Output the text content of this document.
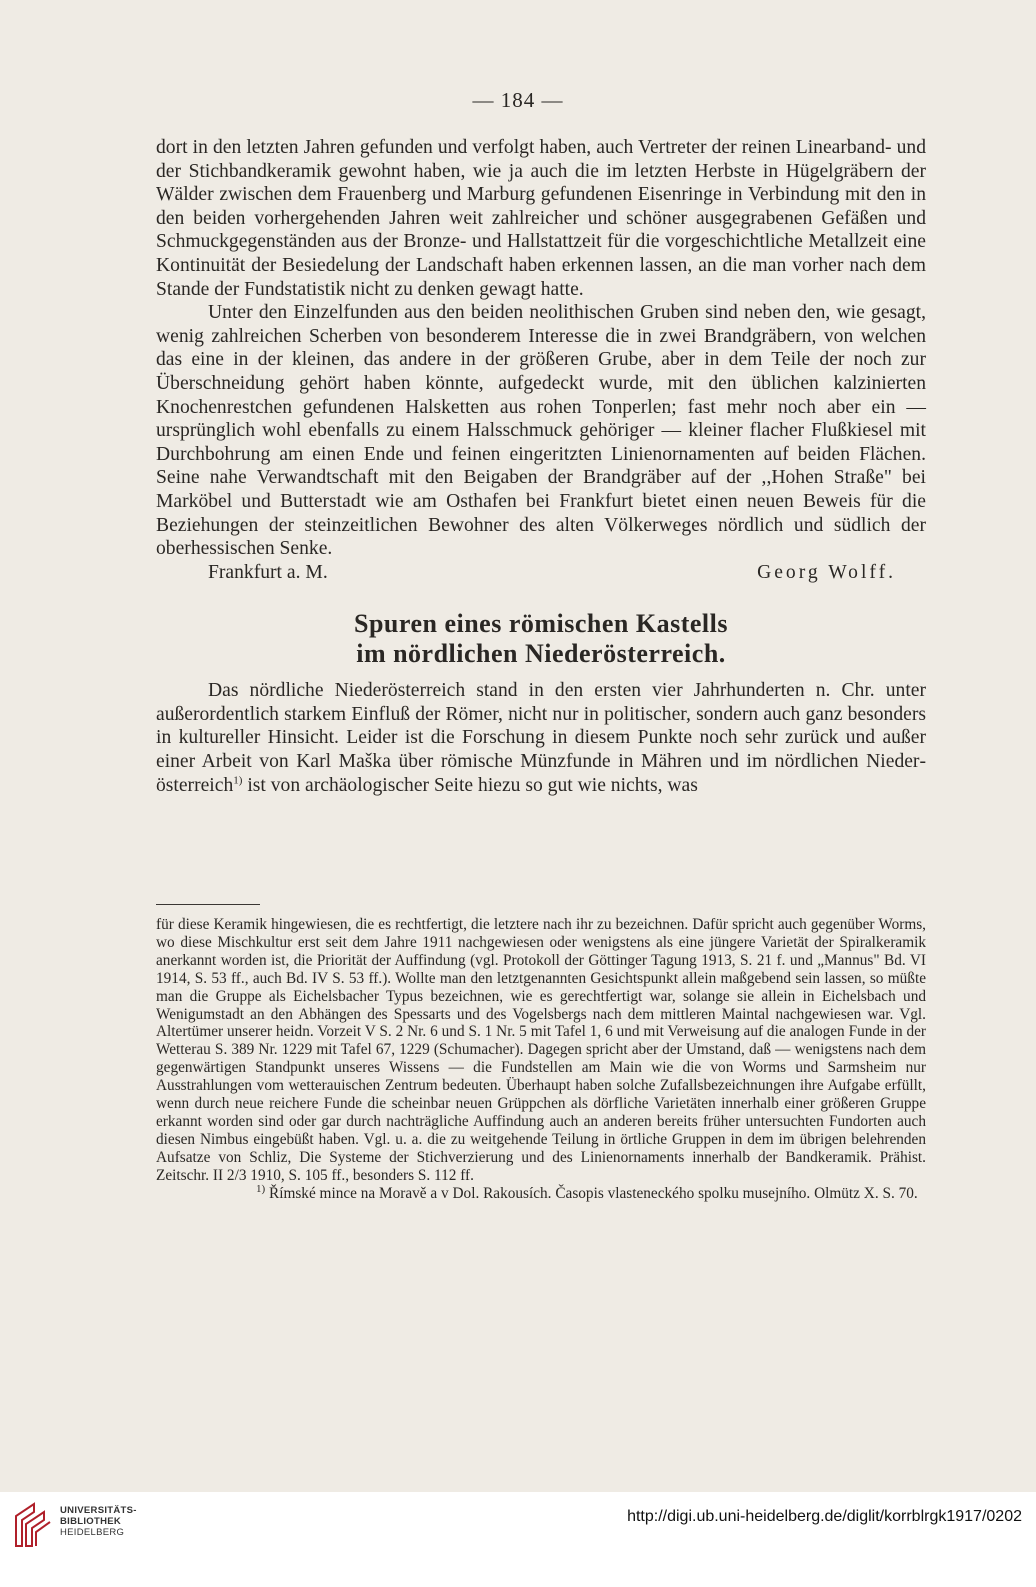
— 184 —

dort in den letzten Jahren gefunden und verfolgt haben, auch Vertreter der reinen Linearband- und der Stichbandkeramik gewohnt haben, wie ja auch die im letzten Herbste in Hügelgräbern der Wälder zwischen dem Frauenberg und Marburg gefundenen Eisenringe in Verbindung mit den in den beiden vorhergehenden Jahren weit zahlreicher und schöner ausgegrabenen Gefäßen und Schmuckgegenständen aus der Bronze- und Hallstattzeit für die vorgeschichtliche Metallzeit eine Kontinuität der Besiedelung der Landschaft haben erkennen lassen, an die man vorher nach dem Stande der Fundstatistik nicht zu denken gewagt hatte.

Unter den Einzelfunden aus den beiden neolithischen Gruben sind neben den, wie gesagt, wenig zahlreichen Scherben von besonderem Interesse die in zwei Brandgräbern, von welchen das eine in der kleinen, das andere in der größeren Grube, aber in dem Teile der noch zur Überschneidung gehört haben könnte, aufgedeckt wurde, mit den üblichen kalzinierten Knochenrestchen gefundenen Halsketten aus rohen Tonperlen; fast mehr noch aber ein — ursprünglich wohl ebenfalls zu einem Halsschmuck gehöriger — kleiner flacher Flußkiesel mit Durchbohrung am einen Ende und feinen eingeritzten Linienornamenten auf beiden Flächen. Seine nahe Verwandtschaft mit den Beigaben der Brandgräber auf der ,,Hohen Straße" bei Marköbel und Butterstadt wie am Osthafen bei Frankfurt bietet einen neuen Beweis für die Beziehungen der steinzeitlichen Bewohner des alten Völkerweges nördlich und südlich der oberhessischen Senke.

Frankfurt a. M.	Georg Wolff.
Spuren eines römischen Kastells
im nördlichen Niederösterreich.

Das nördliche Niederösterreich stand in den ersten vier Jahrhunderten n. Chr. unter außerordentlich starkem Einfluß der Römer, nicht nur in politischer, sondern auch ganz besonders in kultureller Hinsicht. Leider ist die Forschung in diesem Punkte noch sehr zurück und außer einer Arbeit von Karl Maška über römische Münzfunde in Mähren und im nördlichen Niederösterreich$^{1)}$ ist von archäologischer Seite hiezu so gut wie nichts, was

für diese Keramik hingewiesen, die es rechtfertigt, die letztere nach ihr zu bezeichnen. Dafür spricht auch gegenüber Worms, wo diese Mischkultur erst seit dem Jahre 1911 nachgewiesen oder wenigstens als eine jüngere Varietät der Spiralkeramik anerkannt worden ist, die Priorität der Auffindung (vgl. Protokoll der Göttinger Tagung 1913, S. 21 f. und „Mannus" Bd. VI 1914, S. 53 ff., auch Bd. IV S. 53 ff.). Wollte man den letztgenannten Gesichtspunkt allein maßgebend sein lassen, so müßte man die Gruppe als Eichelsbacher Typus bezeichnen, wie es gerechtfertigt war, solange sie allein in Eichelsbach und Wenigumstadt an den Abhängen des Spessarts und des Vogelsbergs nach dem mittleren Maintal nachgewiesen war. Vgl. Altertümer unserer heidn. Vorzeit V S. 2 Nr. 6 und S. 1 Nr. 5 mit Tafel 1, 6 und mit Verweisung auf die analogen Funde in der Wetterau S. 389 Nr. 1229 mit Tafel 67, 1229 (Schumacher). Dagegen spricht aber der Umstand, daß — wenigstens nach dem gegenwärtigen Standpunkt unseres Wissens — die Fundstellen am Main wie die von Worms und Sarmsheim nur Ausstrahlungen vom wetterauischen Zentrum bedeuten. Überhaupt haben solche Zufallsbezeichnungen ihre Aufgabe erfüllt, wenn durch neue reichere Funde die scheinbar neuen Grüppchen als dörfliche Varietäten innerhalb einer größeren Gruppe erkannt worden sind oder gar durch nachträgliche Auffindung auch an anderen bereits früher untersuchten Fundorten auch diesen Nimbus eingebüßt haben. Vgl. u. a. die zu weitgehende Teilung in örtliche Gruppen in dem im übrigen belehrenden Aufsatze von Schliz, Die Systeme der Stichverzierung und des Linienornaments innerhalb der Bandkeramik. Prähist. Zeitschr. II 2/3 1910, S. 105 ff., besonders S. 112 ff.

$^{1)}$ Římské mince na Moravě a v Dol. Rakousích. Časopis vlasteneckého spolku musejního. Olmütz X. S. 70.

UNIVERSITÄTS-
BIBLIOTHEK
HEIDELBERG
http://digi.ub.uni-heidelberg.de/diglit/korrblrgk1917/0202
